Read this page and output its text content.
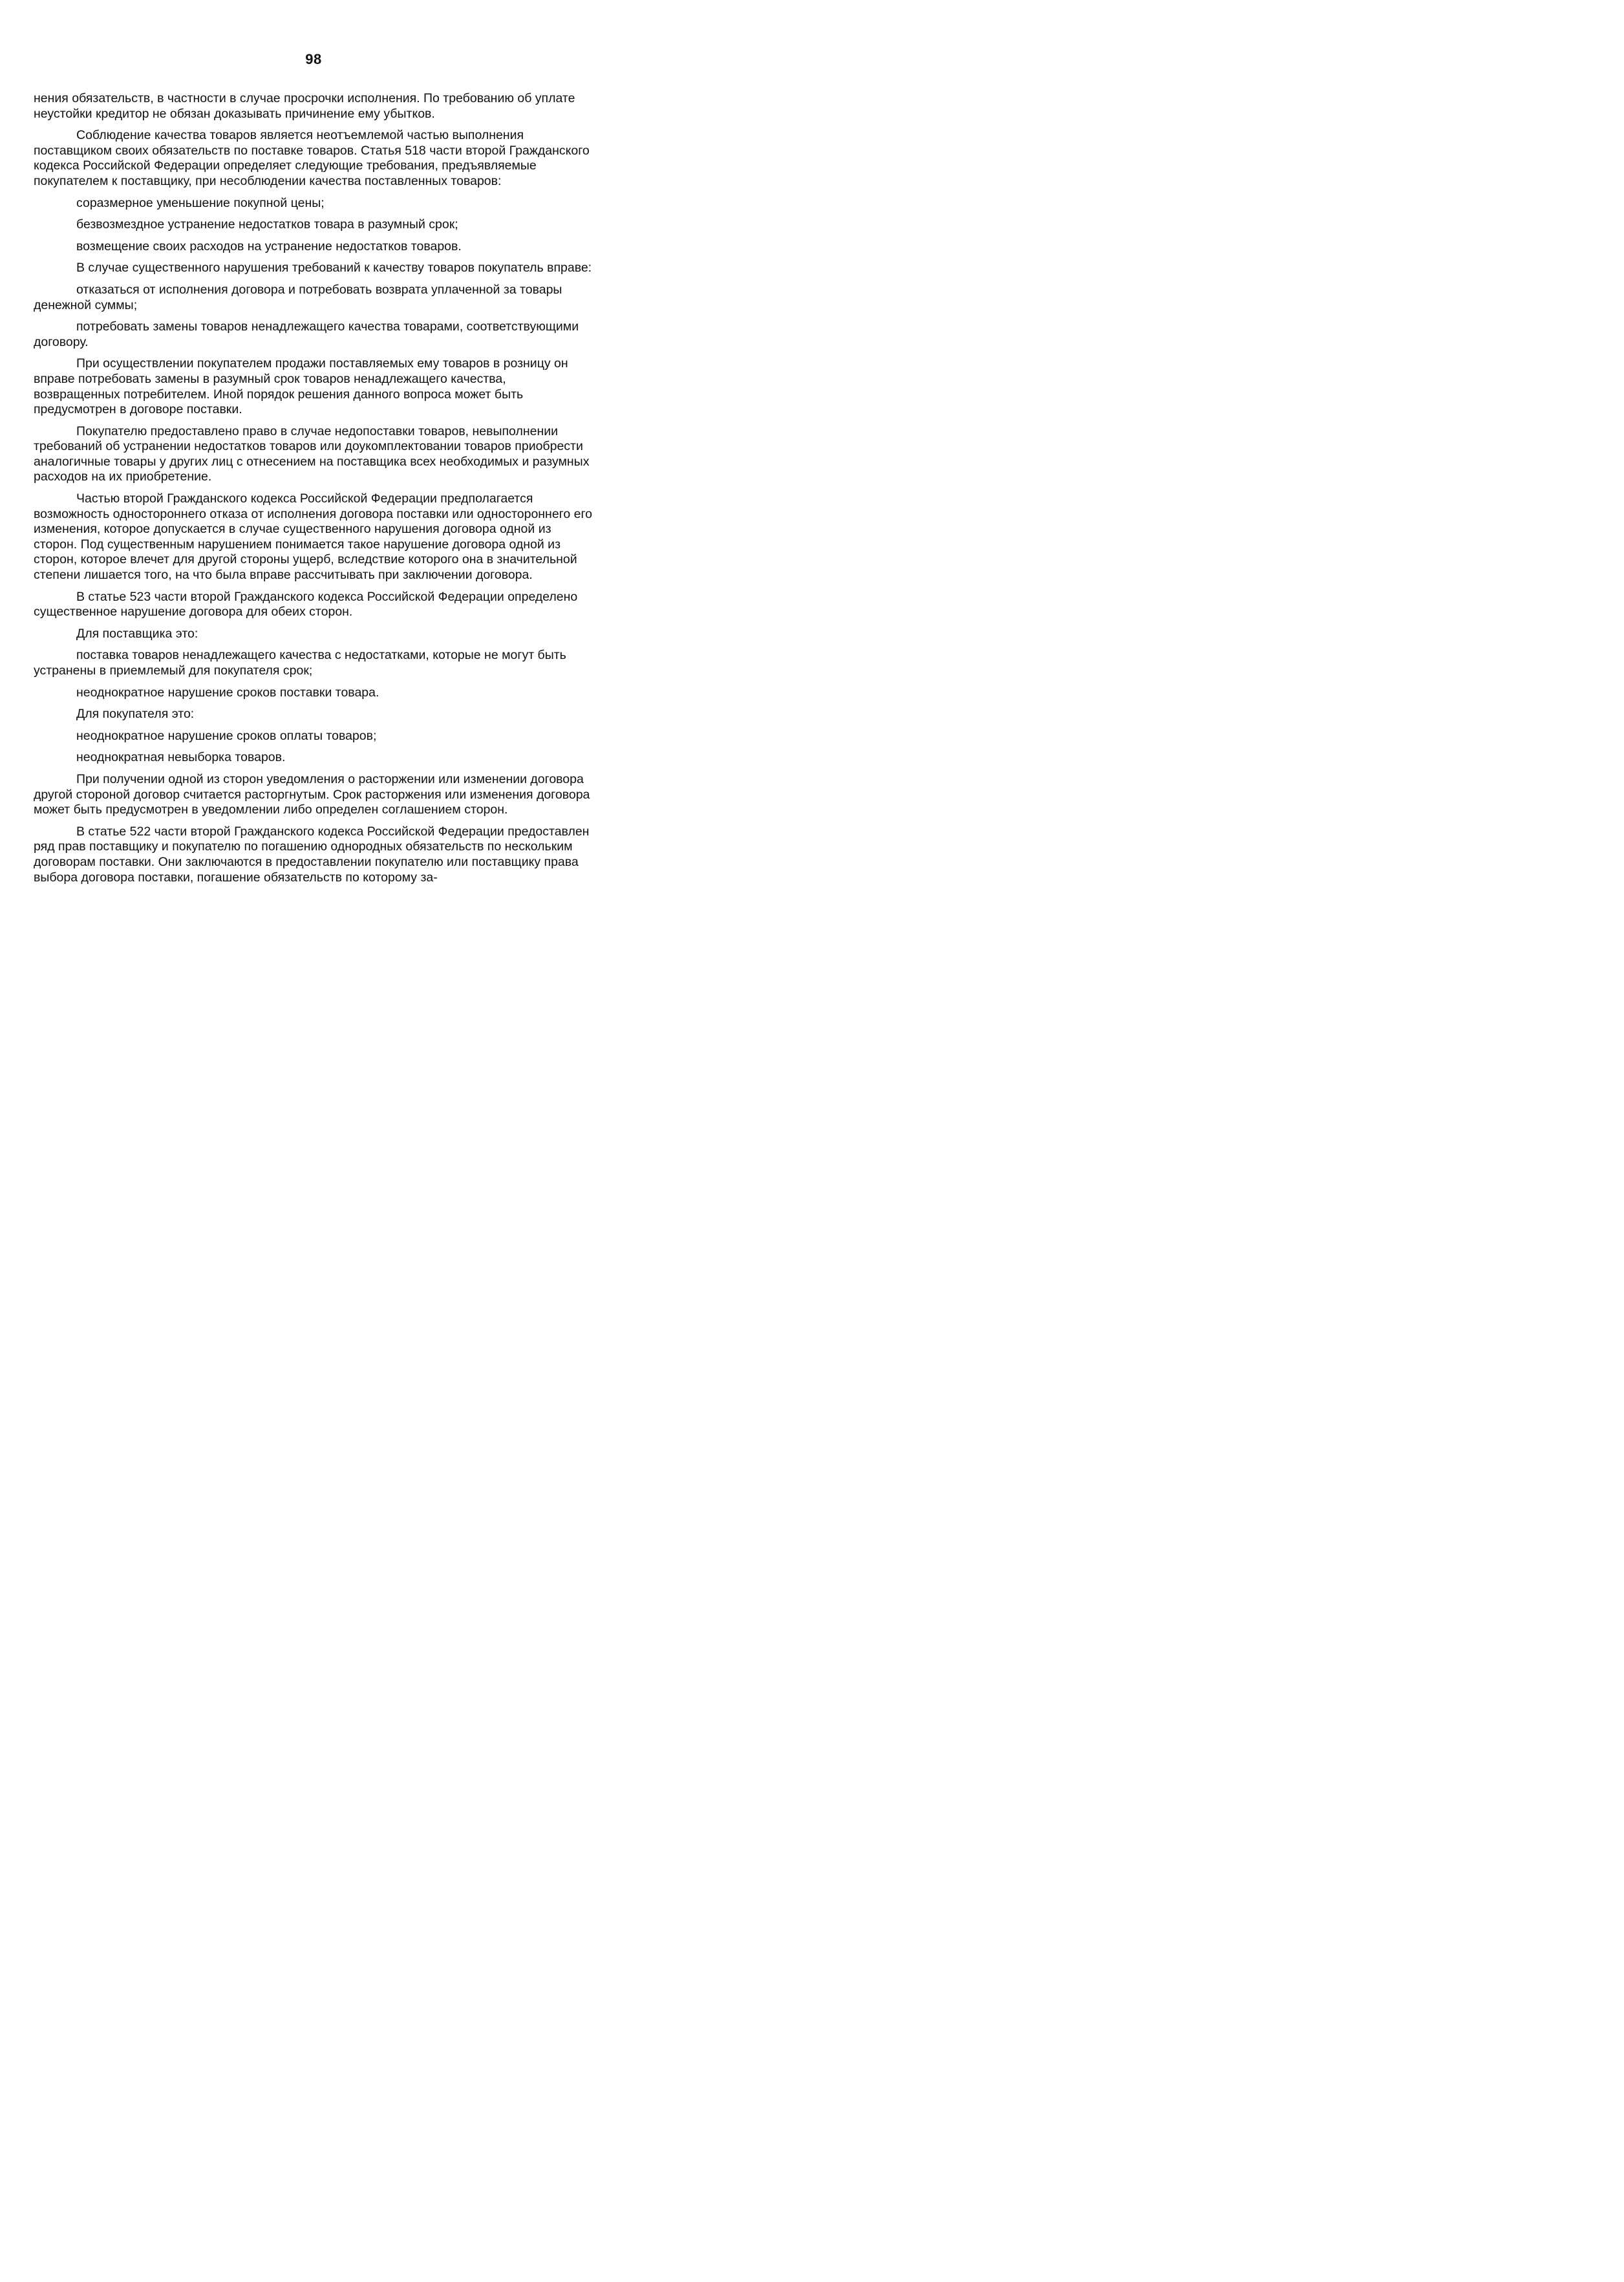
98

нения обязательств, в частности в случае просрочки исполнения. По требованию об уплате неустойки кредитор не обязан доказывать причинение ему убытков.

Соблюдение качества товаров является неотъемлемой частью выполнения поставщиком своих обязательств по поставке товаров. Статья 518 части второй Гражданского кодекса Российской Федерации определяет следующие требования, предъявляемые покупателем к поставщику, при несоблюдении качества поставленных товаров:

соразмерное уменьшение покупной цены;

безвозмездное устранение недостатков товара в разумный срок;

возмещение своих расходов на устранение недостатков товаров.

В случае существенного нарушения требований к качеству товаров покупатель вправе:

отказаться от исполнения договора и потребовать возврата уплаченной за товары денежной суммы;

потребовать замены товаров ненадлежащего качества товарами, соответствующими договору.

При осуществлении покупателем продажи поставляемых ему товаров в розницу он вправе потребовать замены в разумный срок товаров ненадлежащего качества, возвращенных потребителем. Иной порядок решения данного вопроса может быть предусмотрен в договоре поставки.

Покупателю предоставлено право в случае недопоставки товаров, невыполнении требований об устранении недостатков товаров или доукомплектовании товаров приобрести аналогичные товары у других лиц с отнесением на поставщика всех необходимых и разумных расходов на их приобретение.

Частью второй Гражданского кодекса Российской Федерации предполагается возможность одностороннего отказа от исполнения договора поставки или одностороннего его изменения, которое допускается в случае существенного нарушения договора одной из сторон. Под существенным нарушением понимается такое нарушение договора одной из сторон, которое влечет для другой стороны ущерб, вследствие которого она в значительной степени лишается того, на что была вправе рассчитывать при заключении договора.

В статье 523 части второй Гражданского кодекса Российской Федерации определено существенное нарушение договора для обеих сторон.

Для поставщика это:

поставка товаров ненадлежащего качества с недостатками, которые не могут быть устранены в приемлемый для покупателя срок;

неоднократное нарушение сроков поставки товара.

Для покупателя это:

неоднократное нарушение сроков оплаты товаров;

неоднократная невыборка товаров.

При получении одной из сторон уведомления о расторжении или изменении договора другой стороной договор считается расторгнутым. Срок расторжения или изменения договора может быть предусмотрен в уведомлении либо определен соглашением сторон.

В статье 522 части второй Гражданского кодекса Российской Федерации предоставлен ряд прав поставщику и покупателю по погашению однородных обязательств по нескольким договорам поставки. Они заключаются в предоставлении покупателю или поставщику права выбора договора поставки, погашение обязательств по которому за-
